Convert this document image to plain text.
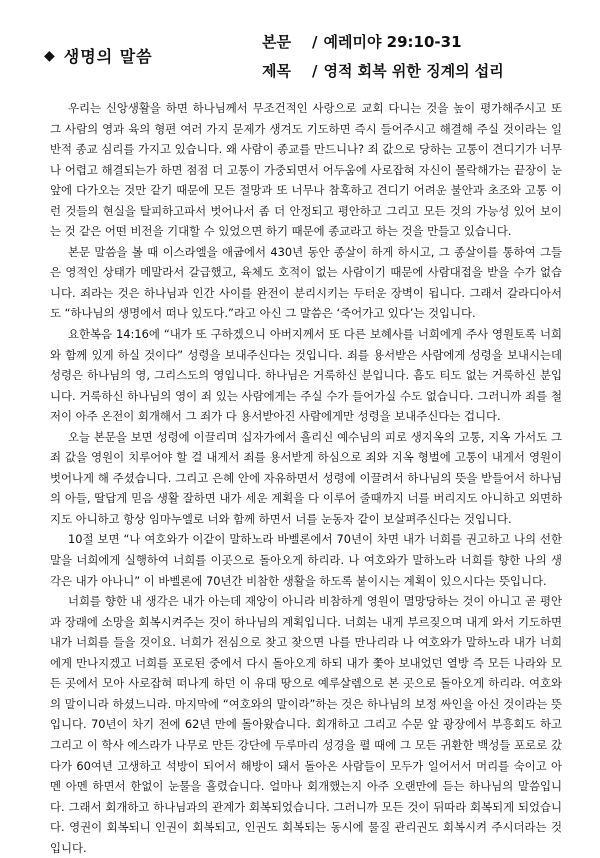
◆ 생명의 말씀
본문	/ 예레미야 29:10-31
제목	/ 영적 회복 위한 징계의 섭리

우리는 신앙생활을 하면 하나님께서 무조건적인 사랑으로 교회 다니는 것을 높이 평가해주시고 또 그 사람의 영과 육의 형편 여러 가지 문제가 생겨도 기도하면 즉시 들어주시고 해결해 주실 것이라는 일반적 종교 심리를 가지고 있습니다. 왜 사람이 종교를 만드니나? 죄 값으로 당하는 고통이 견디기가 너무나 어렵고 해결되는가 하면 점점 더 고통이 가중되면서 어두움에 사로잡혀 자신이 몰락해가는 끝장이 눈앞에 다가오는 것만 같기 때문에 모든 절망과 또 너무나 참혹하고 견디기 어려운 불안과 초조와 고통 이런 것들의 현실을 탈피하고파서 벗어나서 좀 더 안정되고 평안하고 그리고 모든 것의 가능성 있어 보이는 것 같은 어떤 비전을 기대할 수 있었으면 하기 때문에 종교라고 하는 것을 만들고 있습니다.

본문 말씀을 볼 때 이스라엘을 애굽에서 430년 동안 종살이 하게 하시고, 그 종살이를 통하여 그들은 영적인 상태가 메말라서 갈급했고, 육체도 호적이 없는 사람이기 때문에 사람대접을 받을 수가 없습니다. 죄라는 것은 하나님과 인간 사이를 완전이 분리시키는 두터운 장벽이 됩니다. 그래서 갈라디아서도 “하나님의 생명에서 떠나 있도다.”라고 아신 그 말씀은 ‘죽어가고 있다’는 것입니다.

요한복음 14:16에 “내가 또 구하겠으니 아버지께서 또 다른 보혜사를 너희에게 주사 영원토록 너희와 함께 있게 하실 것이다” 성령을 보내주신다는 것입니다. 죄를 용서받은 사람에게 성령을 보내시는데 성령은 하나님의 영, 그리스도의 영입니다. 하나님은 거룩하신 분입니다. 흠도 티도 없는 거룩하신 분입니다. 거룩하신 하나님의 영이 죄 있는 사람에게는 주실 수가 들어가실 수도 없습니다. 그러니까 죄를 철저이 아주 온전이 회개해서 그 죄가 다 용서받아진 사람에게만 성령을 보내주신다는 겁니다.

오늘 본문을 보면 성령에 이끌리며 십자가에서 흘리신 예수님의 피로 생지옥의 고통, 지옥 가서도 그 죄 값을 영원이 치루어야 할 걸 내게서 죄를 용서받게 하심으로 죄와 지옥 형벌에 고통이 내게서 영원이 벗어나게 해 주셨습니다. 그리고 은혜 안에 자유하면서 성령에 이끌려서 하나님의 뜻을 받들어서 하나님의 아들, 딸답게 믿음 생활 잘하면 내가 세운 계획을 다 이루어 줄때까지 너를 버리지도 아니하고 외면하지도 아니하고 항상 임마누엘로 너와 함께 하면서 너를 눈동자 같이 보살펴주신다는 것입니다.

10절 보면 “나 여호와가 이같이 말하노라 바벨론에서 70년이 차면 내가 너희를 권고하고 나의 선한 말을 너희에게 실행하여 너희를 이곳으로 돌아오게 하리라. 나 여호와가 말하노라 너희를 향한 나의 생각은 내가 아나니” 이 바벨론에 70년간 비참한 생활을 하도록 붙이시는 계획이 있으시다는 뜻입니다.

너희를 향한 내 생각은 내가 아는데 재앙이 아니라 비참하게 영원이 멸망당하는 것이 아니고 곧 평안과 장래에 소망을 회복시켜주는 것이 하나님의 계획입니다. 너희는 내게 부르짖으며 내게 와서 기도하면 내가 너희를 들을 것이요. 너희가 전심으로 찾고 찾으면 나를 만나리라 나 여호와가 말하노라 내가 너희에게 만나지겠고 너희를 포로된 중에서 다시 돌아오게 하되 내가 쫓아 보내었던 열방 즉 모든 나라와 모든 곳에서 모아 사로잡혀 떠나게 하던 이 유대 땅으로 예루살렘으로 본 곳으로 돌아오게 하리라. 여호와의 말이니라 하셨느니라. 마지막에 “여호와의 말이라”하는 것은 하나님의 보정 싸인을 아신 것이라는 뜻입니다. 70년이 차기 전에 62년 만에 돌아왔습니다. 회개하고 그리고 수문 앞 광장에서 부흥회도 하고 그리고 이 학사 에스라가 나무로 만든 강단에 두루마리 성경을 펼 때에 그 모든 귀환한 백성들 포로로 갔다가 60여년 고생하고 석방이 되어서 해방이 돼서 돌아온 사람들이 모두가 일어서서 머리를 숙이고 아멘 아멘 하면서 한없이 눈물을 흘렸습니다. 얼마나 회개했는지 아주 오랜만에 듣는 하나님의 말씀입니다. 그래서 회개하고 하나님과의 관계가 회복되었습니다. 그러니까 모든 것이 뒤따라 회복되게 되었습니다. 영권이 회복되니 인권이 회복되고, 인권도 회복되는 동시에 물질 관리권도 회복시켜 주시더라는 것입니다.
